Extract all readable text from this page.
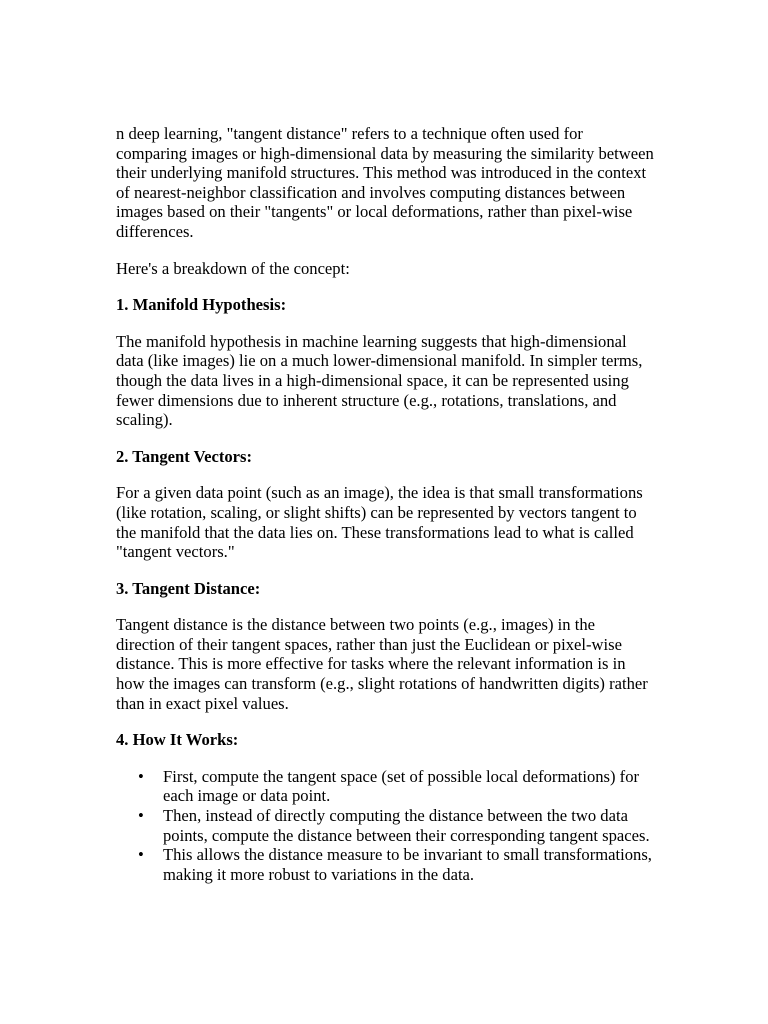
n deep learning, "tangent distance" refers to a technique often used for comparing images or high-dimensional data by measuring the similarity between their underlying manifold structures. This method was introduced in the context of nearest-neighbor classification and involves computing distances between images based on their "tangents" or local deformations, rather than pixel-wise differences.

Here's a breakdown of the concept:

1. Manifold Hypothesis:

The manifold hypothesis in machine learning suggests that high-dimensional data (like images) lie on a much lower-dimensional manifold. In simpler terms, though the data lives in a high-dimensional space, it can be represented using fewer dimensions due to inherent structure (e.g., rotations, translations, and scaling).

2. Tangent Vectors:

For a given data point (such as an image), the idea is that small transformations (like rotation, scaling, or slight shifts) can be represented by vectors tangent to the manifold that the data lies on. These transformations lead to what is called "tangent vectors."

3. Tangent Distance:

Tangent distance is the distance between two points (e.g., images) in the direction of their tangent spaces, rather than just the Euclidean or pixel-wise distance. This is more effective for tasks where the relevant information is in how the images can transform (e.g., slight rotations of handwritten digits) rather than in exact pixel values.

4. How It Works:

• First, compute the tangent space (set of possible local deformations) for each image or data point.
• Then, instead of directly computing the distance between the two data points, compute the distance between their corresponding tangent spaces.
• This allows the distance measure to be invariant to small transformations, making it more robust to variations in the data.
